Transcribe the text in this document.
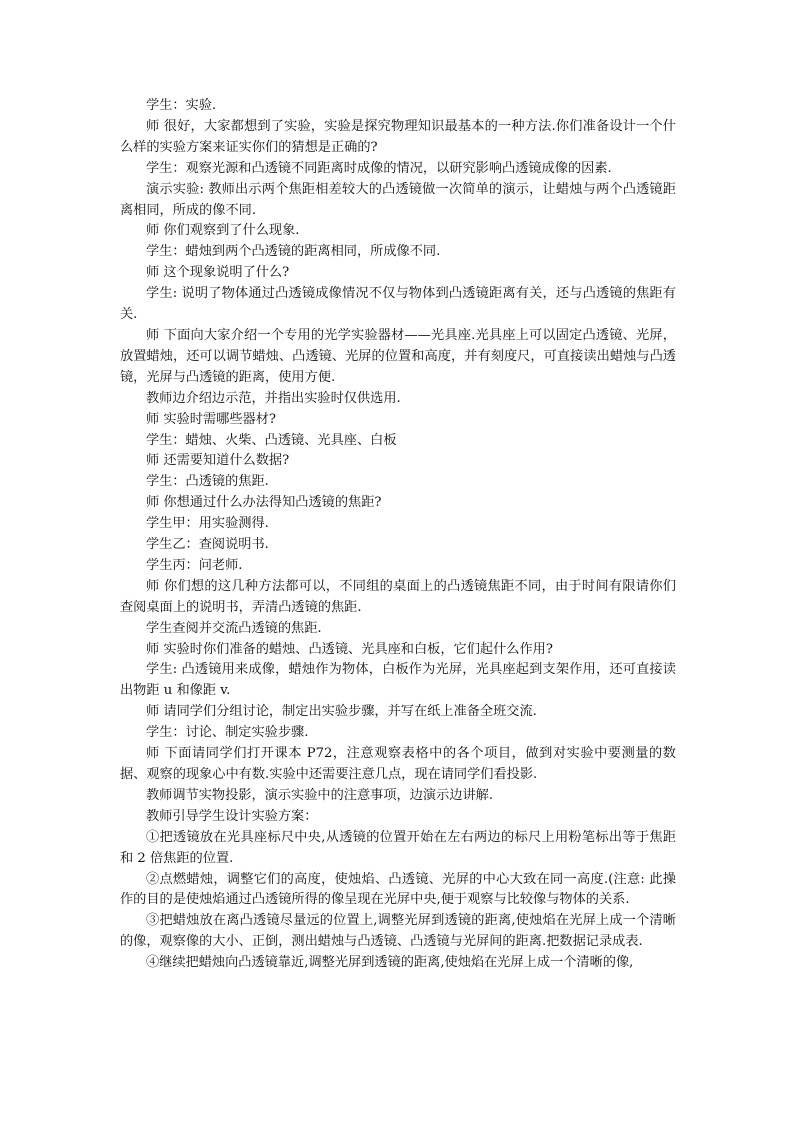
学生：实验.

师 很好，大家都想到了实验，实验是探究物理知识最基本的一种方法.你们准备设计一个什么样的实验方案来证实你们的猜想是正确的?

学生：观察光源和凸透镜不同距离时成像的情况，以研究影响凸透镜成像的因素.

演示实验: 教师出示两个焦距相差较大的凸透镜做一次简单的演示，让蜡烛与两个凸透镜距离相同，所成的像不同.

师 你们观察到了什么现象.

学生：蜡烛到两个凸透镜的距离相同，所成像不同.

师 这个现象说明了什么?

学生: 说明了物体通过凸透镜成像情况不仅与物体到凸透镜距离有关，还与凸透镜的焦距有关.

师 下面向大家介绍一个专用的光学实验器材——光具座.光具座上可以固定凸透镜、光屏，放置蜡烛，还可以调节蜡烛、凸透镜、光屏的位置和高度，并有刻度尺，可直接读出蜡烛与凸透镜，光屏与凸透镜的距离，使用方便.

教师边介绍边示范，并指出实验时仅供选用.

师 实验时需哪些器材?

学生：蜡烛、火柴、凸透镜、光具座、白板

师 还需要知道什么数据?

学生：凸透镜的焦距.

师 你想通过什么办法得知凸透镜的焦距?

学生甲：用实验测得.

学生乙：查阅说明书.

学生丙：问老师.

师 你们想的这几种方法都可以，不同组的桌面上的凸透镜焦距不同，由于时间有限请你们查阅桌面上的说明书，弄清凸透镜的焦距.

学生查阅并交流凸透镜的焦距.

师 实验时你们准备的蜡烛、凸透镜、光具座和白板，它们起什么作用?

学生: 凸透镜用来成像，蜡烛作为物体，白板作为光屏，光具座起到支架作用，还可直接读出物距 u 和像距 v.

师 请同学们分组讨论，制定出实验步骤，并写在纸上准备全班交流.

学生：讨论、制定实验步骤.

师 下面请同学们打开课本 P72，注意观察表格中的各个项目，做到对实验中要测量的数据、观察的现象心中有数.实验中还需要注意几点，现在请同学们看投影.

教师调节实物投影，演示实验中的注意事项，边演示边讲解.

教师引导学生设计实验方案：

①把透镜放在光具座标尺中央,从透镜的位置开始在左右两边的标尺上用粉笔标出等于焦距和 2 倍焦距的位置.

②点燃蜡烛，调整它们的高度，使烛焰、凸透镜、光屏的中心大致在同一高度.(注意: 此操作的目的是使烛焰通过凸透镜所得的像呈现在光屏中央,便于观察与比较像与物体的关系.

③把蜡烛放在离凸透镜尽量远的位置上,调整光屏到透镜的距离,使烛焰在光屏上成一个清晰的像，观察像的大小、正倒，测出蜡烛与凸透镜、凸透镜与光屏间的距离.把数据记录成表.

④继续把蜡烛向凸透镜靠近,调整光屏到透镜的距离,使烛焰在光屏上成一个清晰的像,
